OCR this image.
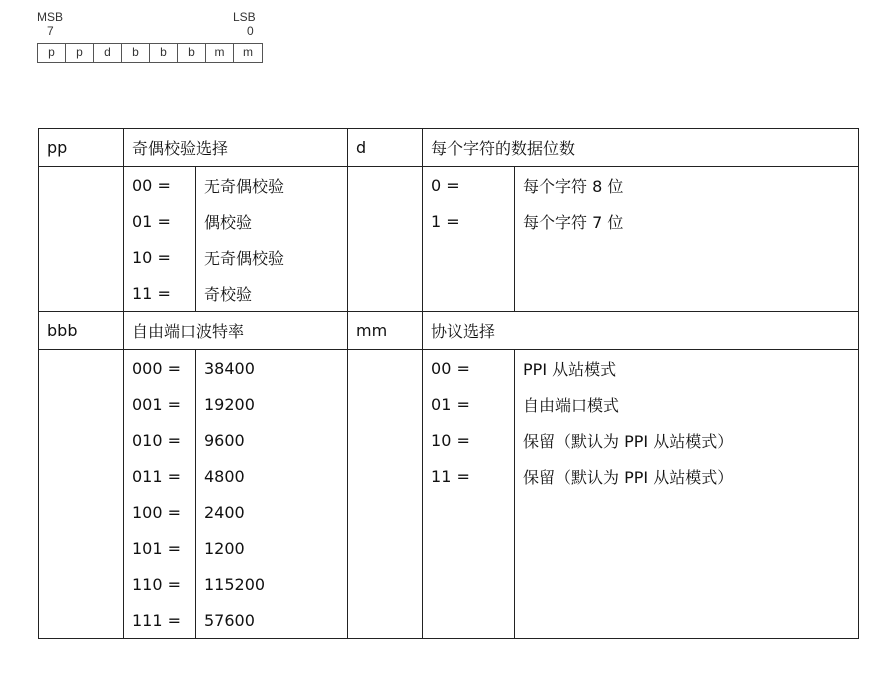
MSB
7
LSB
0
p	p	d	b	b	b	m	m
pp	奇偶校验选择		d	每个字符的数据位数	
	00 =	无奇偶校验		0 =	每个字符 8 位
	01 =	偶校验		1 =	每个字符 7 位
	10 =	无奇偶校验			
	11 =	奇校验			
bbb	自由端口波特率		mm	协议选择	
	000 =	38400		00 =	PPI 从站模式
	001 =	19200		01 =	自由端口模式
	010 =	9600		10 =	保留（默认为 PPI 从站模式）
	011 =	4800		11 =	保留（默认为 PPI 从站模式）
	100 =	2400			
	101 =	1200			
	110 =	115200			
	111 =	57600			
